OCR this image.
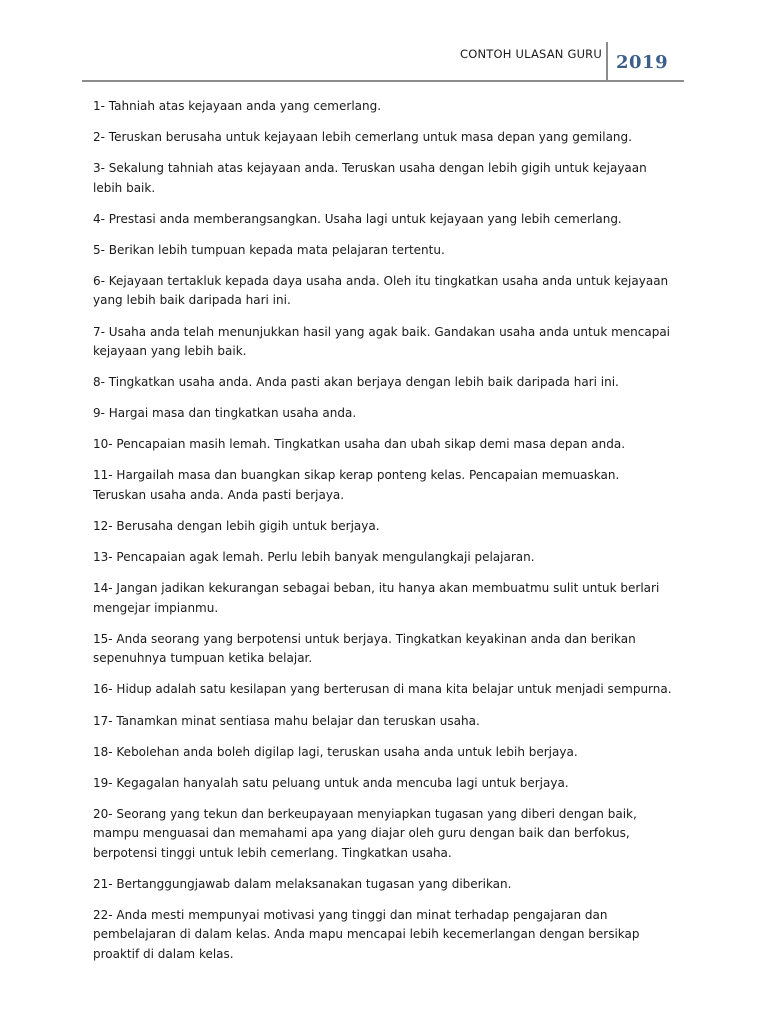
CONTOH ULASAN GURU 2019
1- Tahniah atas kejayaan anda yang cemerlang.
2- Teruskan berusaha untuk kejayaan lebih cemerlang untuk masa depan yang gemilang.
3- Sekalung tahniah atas kejayaan anda. Teruskan usaha dengan lebih gigih untuk kejayaan lebih baik.
4- Prestasi anda memberangsangkan. Usaha lagi untuk kejayaan yang lebih cemerlang.
5- Berikan lebih tumpuan kepada mata pelajaran tertentu.
6- Kejayaan tertakluk kepada daya usaha anda. Oleh itu tingkatkan usaha anda untuk kejayaan yang lebih baik daripada hari ini.
7- Usaha anda telah menunjukkan hasil yang agak baik. Gandakan usaha anda untuk mencapai kejayaan yang lebih baik.
8- Tingkatkan usaha anda. Anda pasti akan berjaya dengan lebih baik daripada hari ini.
9- Hargai masa dan tingkatkan usaha anda.
10- Pencapaian masih lemah. Tingkatkan usaha dan ubah sikap demi masa depan anda.
11- Hargailah masa dan buangkan sikap kerap ponteng kelas. Pencapaian memuaskan. Teruskan usaha anda. Anda pasti berjaya.
12- Berusaha dengan lebih gigih untuk berjaya.
13- Pencapaian agak lemah. Perlu lebih banyak mengulangkaji pelajaran.
14- Jangan jadikan kekurangan sebagai beban, itu hanya akan membuatmu sulit untuk berlari mengejar impianmu.
15- Anda seorang yang berpotensi untuk berjaya. Tingkatkan keyakinan anda dan berikan sepenuhnya tumpuan ketika belajar.
16- Hidup adalah satu kesilapan yang berterusan di mana kita belajar untuk menjadi sempurna.
17- Tanamkan minat sentiasa mahu belajar dan teruskan usaha.
18- Kebolehan anda boleh digilap lagi, teruskan usaha anda untuk lebih berjaya.
19- Kegagalan hanyalah satu peluang untuk anda mencuba lagi untuk berjaya.
20- Seorang yang tekun dan berkeupayaan menyiapkan tugasan yang diberi dengan baik, mampu menguasai dan memahami apa yang diajar oleh guru dengan baik dan berfokus, berpotensi tinggi untuk lebih cemerlang. Tingkatkan usaha.
21- Bertanggungjawab dalam melaksanakan tugasan yang diberikan.
22- Anda mesti mempunyai motivasi yang tinggi dan minat terhadap pengajaran dan pembelajaran di dalam kelas. Anda mapu mencapai lebih kecemerlangan dengan bersikap proaktif di dalam kelas.
